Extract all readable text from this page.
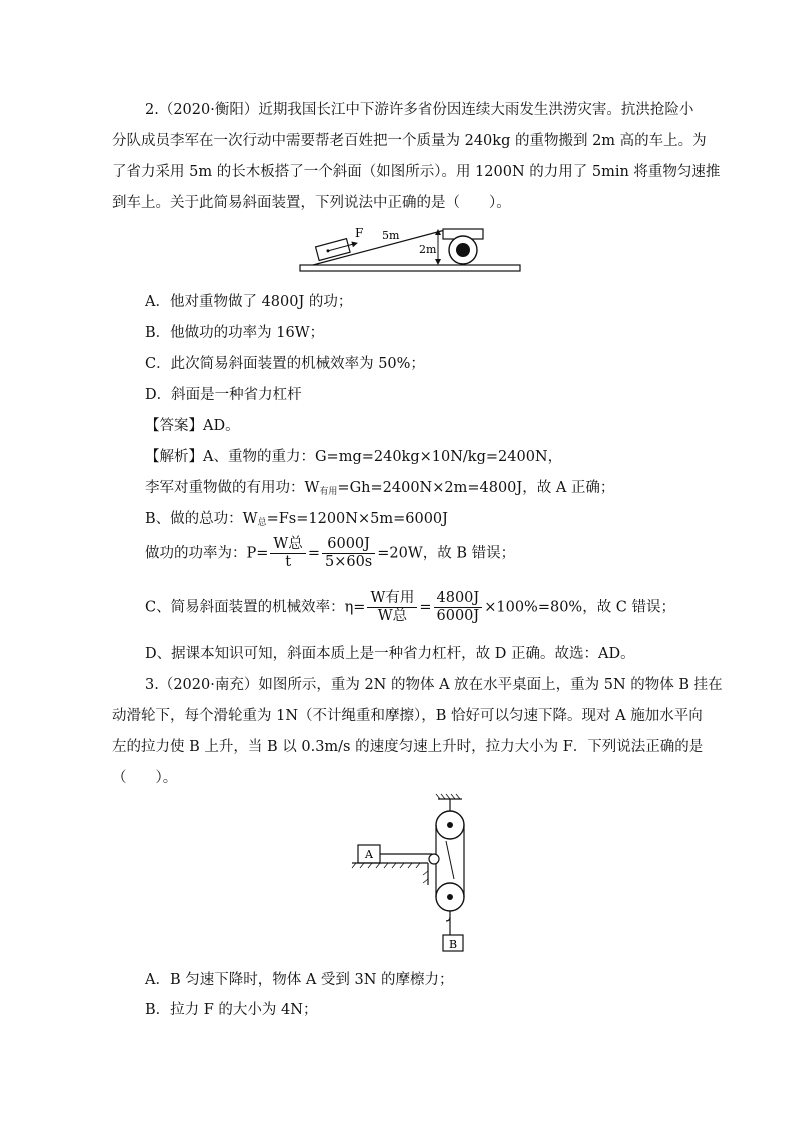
2.（2020·衡阳）近期我国长江中下游许多省份因连续大雨发生洪涝灾害。抗洪抢险小
分队成员李军在一次行动中需要帮老百姓把一个质量为 240kg 的重物搬到 2m 高的车上。为
了省力采用 5m 的长木板搭了一个斜面（如图所示）。用 1200N 的力用了 5min 将重物匀速推
到车上。关于此简易斜面装置，下列说法中正确的是（　　）。
F 5m
2m
A．他对重物做了 4800J 的功；
B．他做功的功率为 16W；
C．此次简易斜面装置的机械效率为 50%；
D．斜面是一种省力杠杆
【答案】AD。
【解析】A、重物的重力：G=mg=240kg×10N/kg=2400N，
李军对重物做的有用功：$W_{有用}=Gh=2400N\times 2m=4800J$，故 A 正确；
B、做的总功：$W_总=Fs=1200N\times 5m=6000J$
做功的功率为：$P= \frac{\text{W总}}{t} = \frac{6000J}{5\times 60s} =20W$，故 B 错误；
C、简易斜面装置的机械效率：$\eta= \frac{\text{W有用}}{\text{W总}} = \frac{4800J}{6000J} \times 100\%=80\%$，故 C 错误；
D、据课本知识可知，斜面本质上是一种省力杠杆，故 D 正确。故选：AD。
3.（2020·南充）如图所示，重为 2N 的物体 A 放在水平桌面上，重为 5N 的物体 B 挂在
动滑轮下，每个滑轮重为 1N（不计绳重和摩擦），B 恰好可以匀速下降。现对 A 施加水平向
左的拉力使 B 上升，当 B 以 0.3m/s 的速度匀速上升时，拉力大小为 F．下列说法正确的是
（　　）。
B
A
A．B 匀速下降时，物体 A 受到 3N 的摩檫力；
B．拉力 F 的大小为 4N；
